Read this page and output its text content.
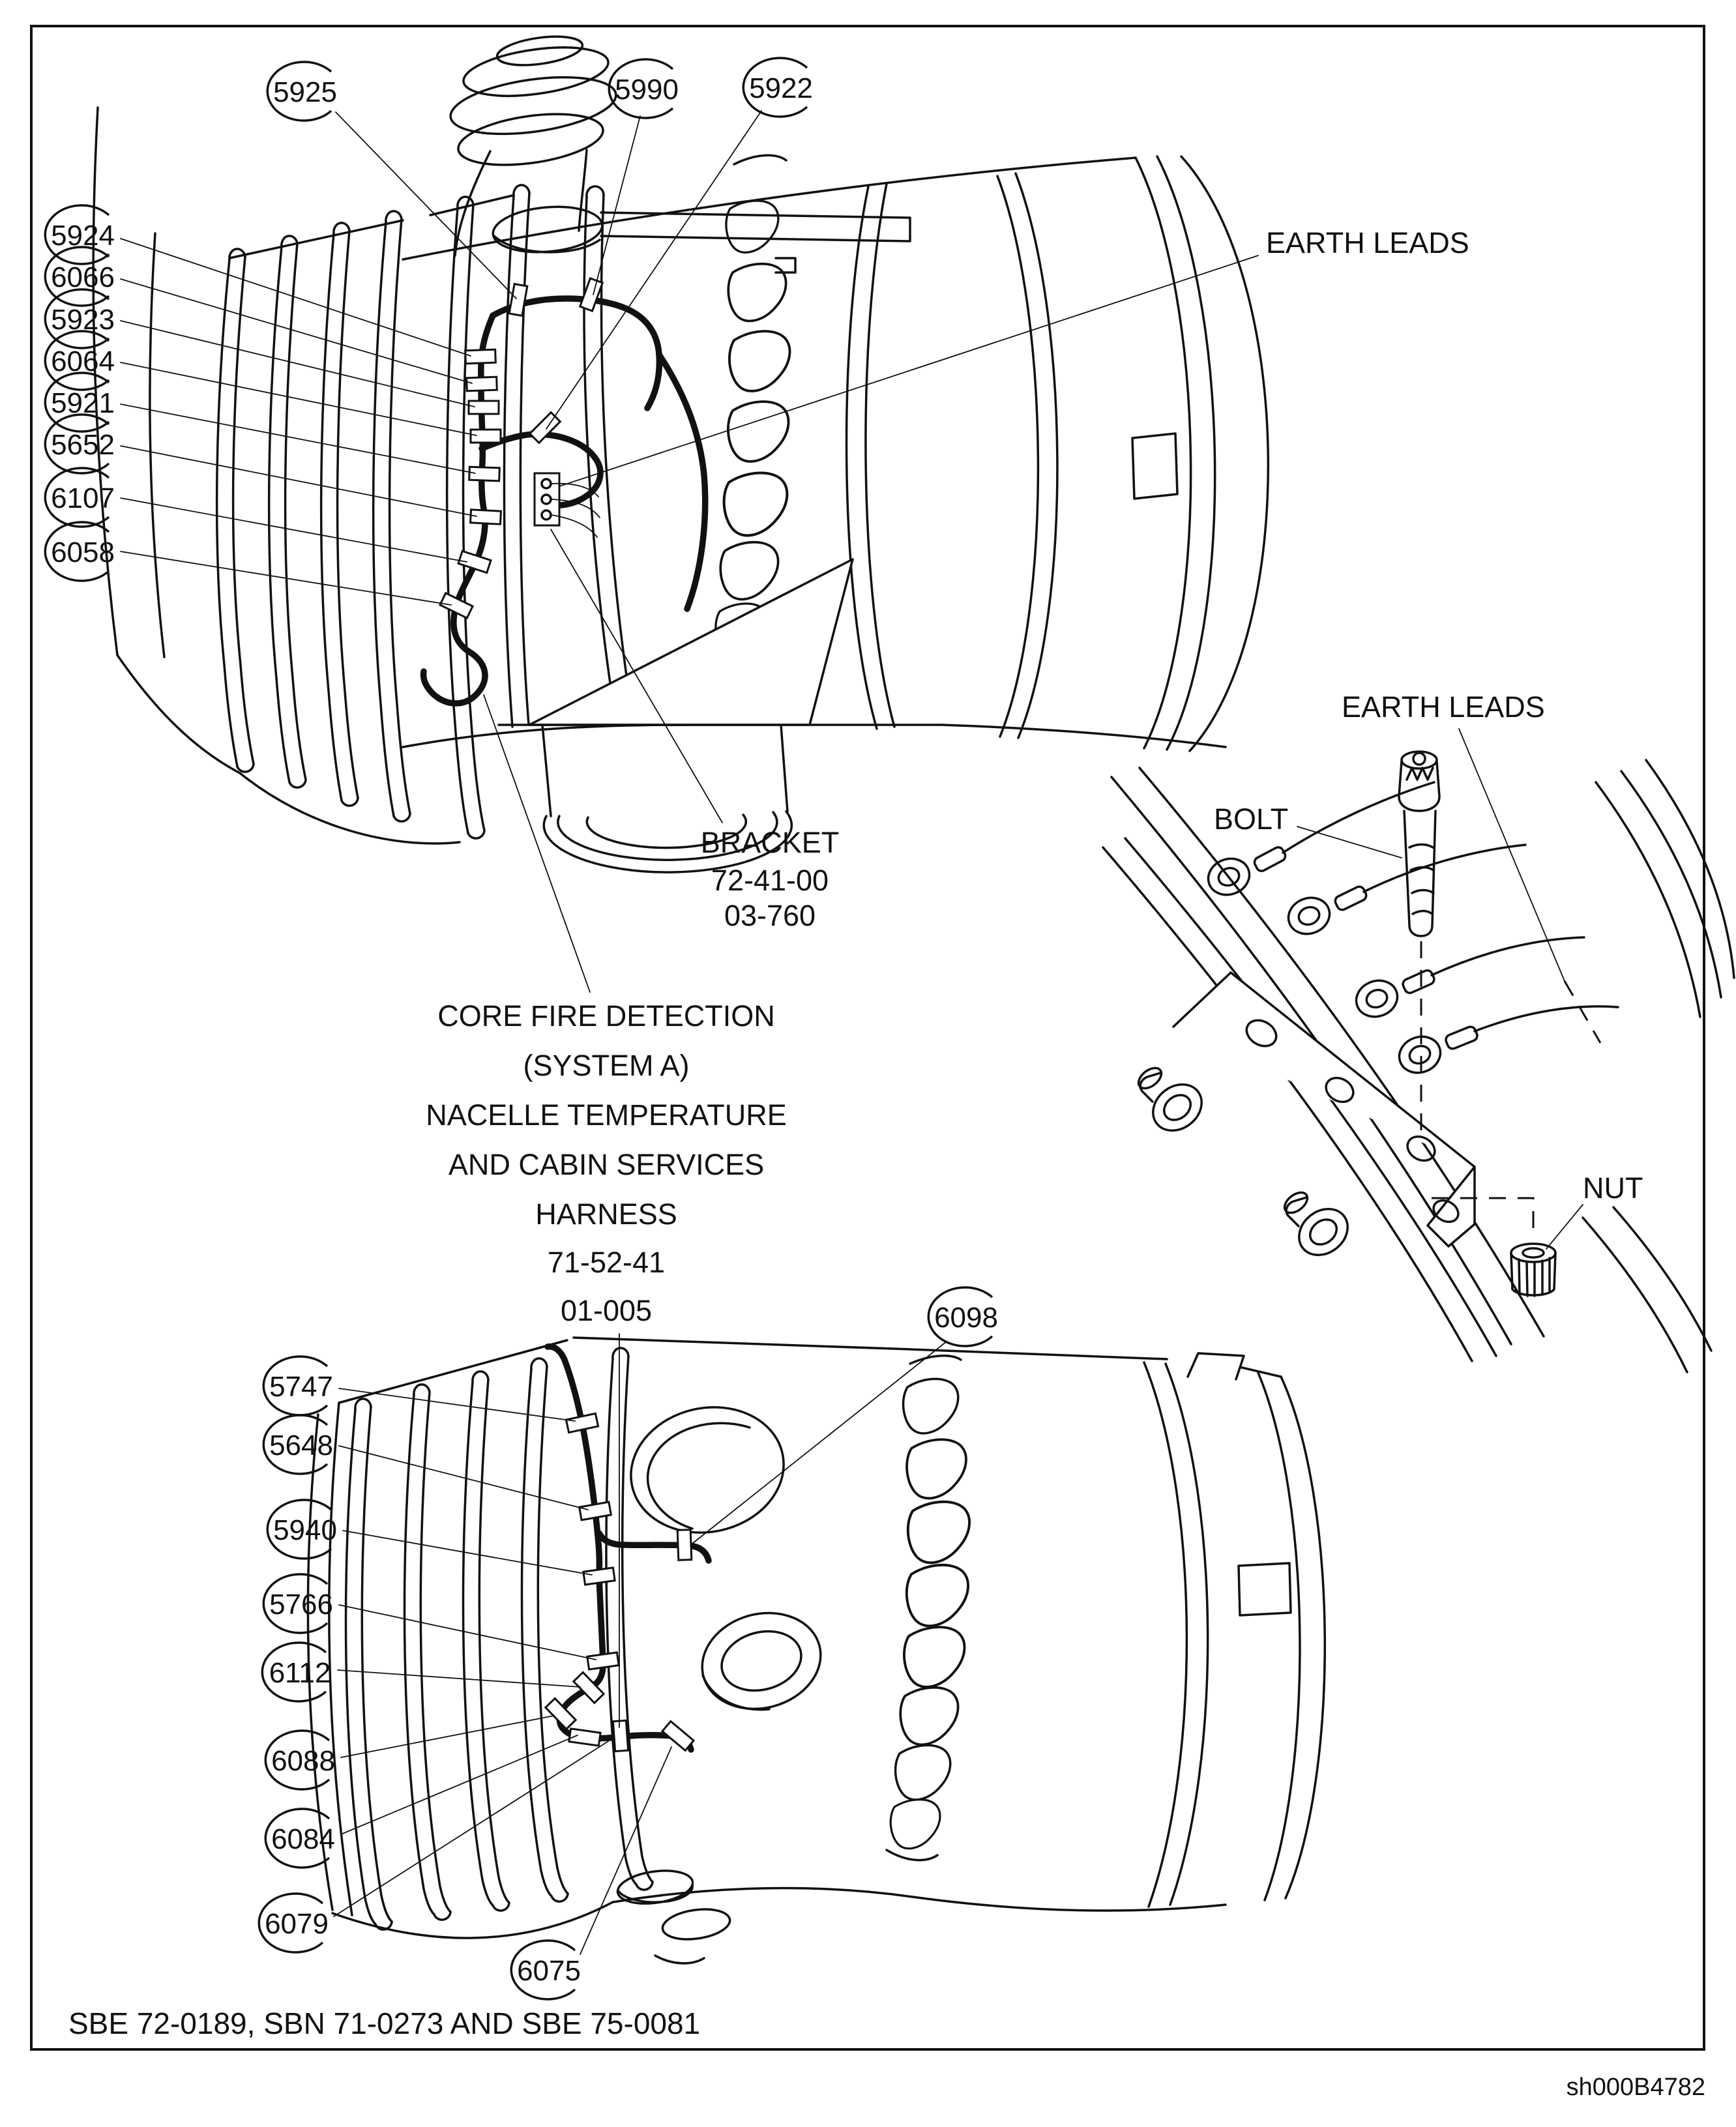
5925	5990 5922
5924
6066
5923
6064
5921
5652
6107
6058
5747
5648
5940
5766
6112
6088
6084
6079
6075
6098
EARTH LEADS
BRACKET
72-41-00
03-760
CORE FIRE DETECTION
(SYSTEM A)
NACELLE TEMPERATURE
AND CABIN SERVICES
HARNESS
71-52-41
01-005
EARTH LEADS
BOLT
NUT
SBE 72-0189, SBN 71-0273 AND SBE 75-0081
sh000B4782
